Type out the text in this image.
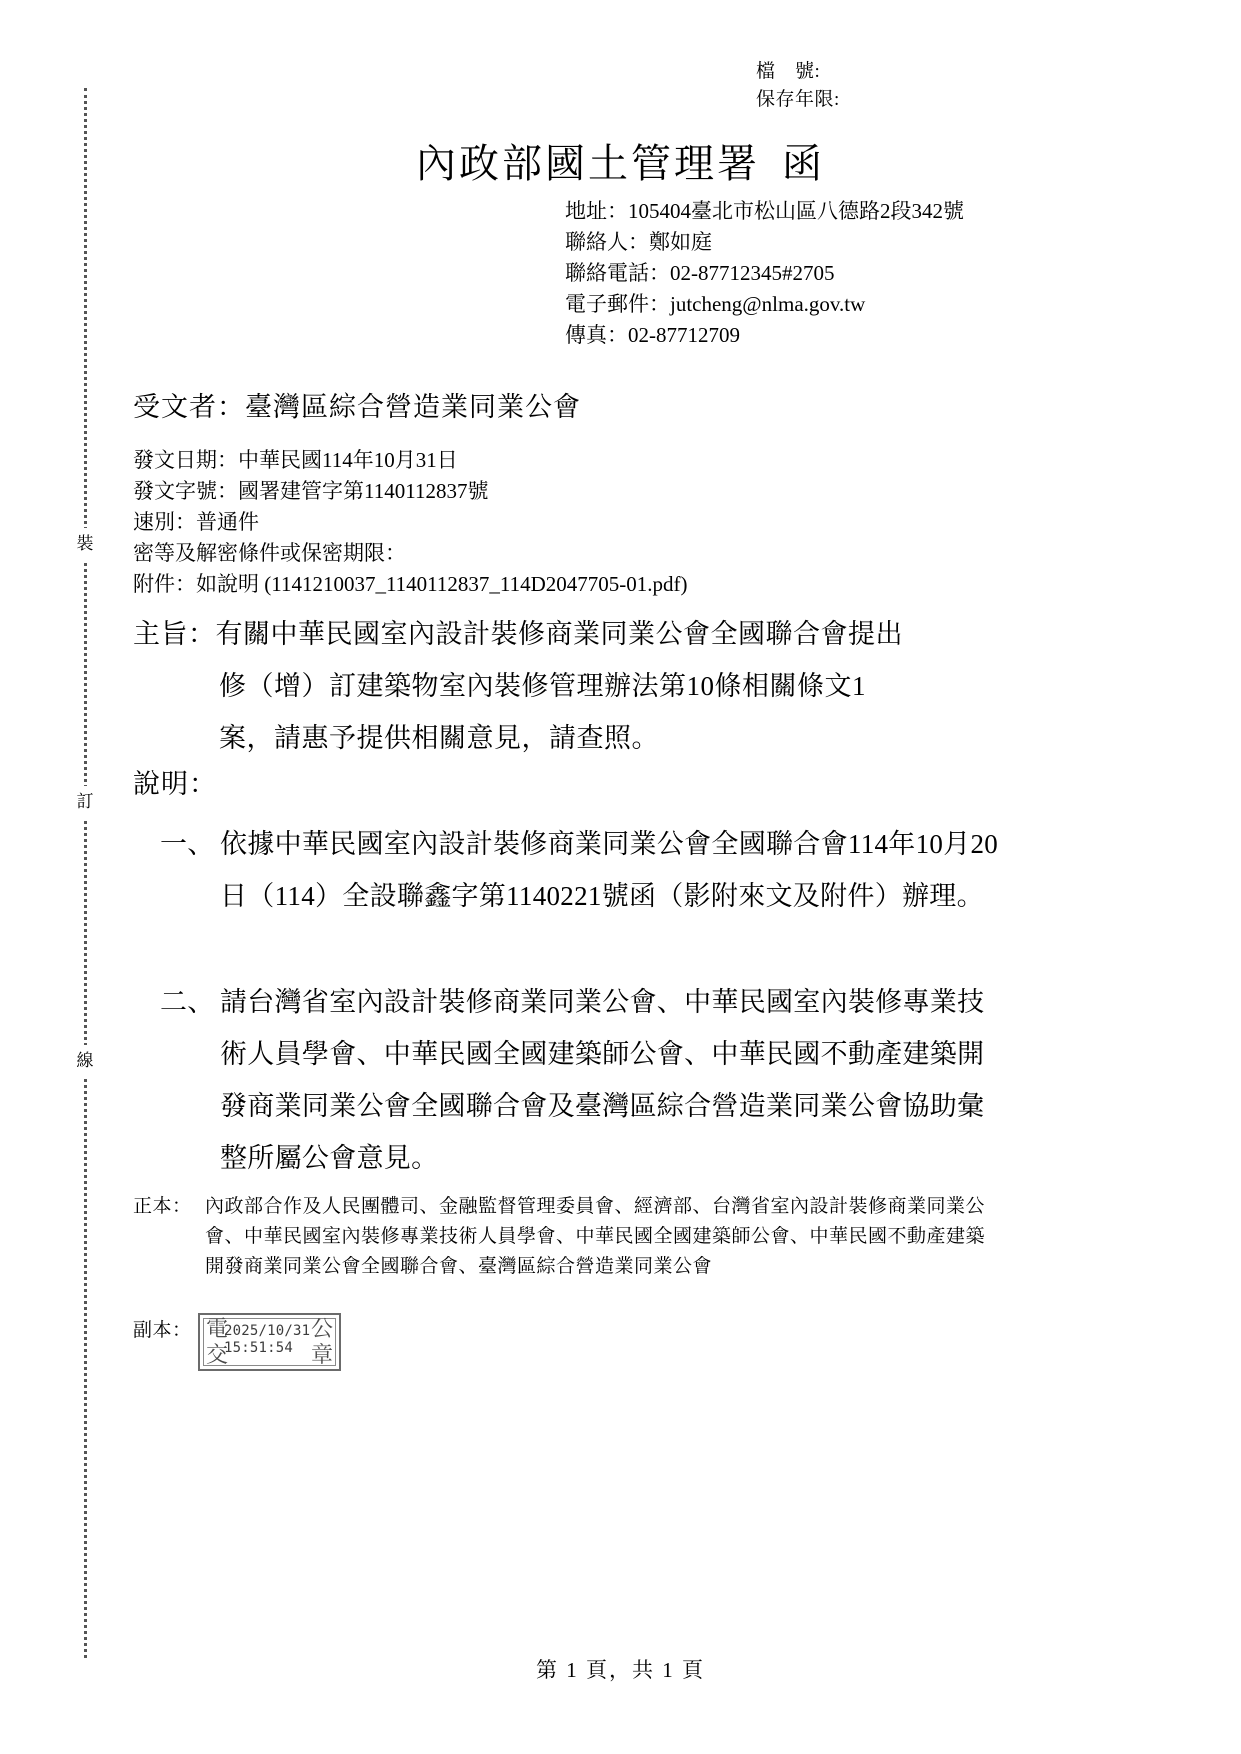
裝
訂
線
檔　號:
保存年限:
內政部國土管理署 函
地址：105404臺北市松山區八德路2段342號
聯絡人：鄭如庭
聯絡電話：02-87712345#2705
電子郵件：jutcheng@nlma.gov.tw
傳真：02-87712709
受文者：臺灣區綜合營造業同業公會
發文日期：中華民國114年10月31日
發文字號：國署建管字第1140112837號
速別：普通件
密等及解密條件或保密期限：
附件：如說明 (1141210037_1140112837_114D2047705-01.pdf)
主旨：有關中華民國室內設計裝修商業同業公會全國聯合會提出
修（增）訂建築物室內裝修管理辦法第10條相關條文1
案，請惠予提供相關意見，請查照。
說明：
一、 依據中華民國室內設計裝修商業同業公會全國聯合會114年10月20日（114）全設聯鑫字第1140221號函（影附來文及附件）辦理。
二、 請台灣省室內設計裝修商業同業公會、中華民國室內裝修專業技術人員學會、中華民國全國建築師公會、中華民國不動產建築開發商業同業公會全國聯合會及臺灣區綜合營造業同業公會協助彙整所屬公會意見。
正本： 內政部合作及人民團體司、金融監督管理委員會、經濟部、台灣省室內設計裝修商業同業公會、中華民國室內裝修專業技術人員學會、中華民國全國建築師公會、中華民國不動產建築開發商業同業公會全國聯合會、臺灣區綜合營造業同業公會
副本： 電	公
交	章
2025/10/31
15:51:54
第 1 頁，共 1 頁
